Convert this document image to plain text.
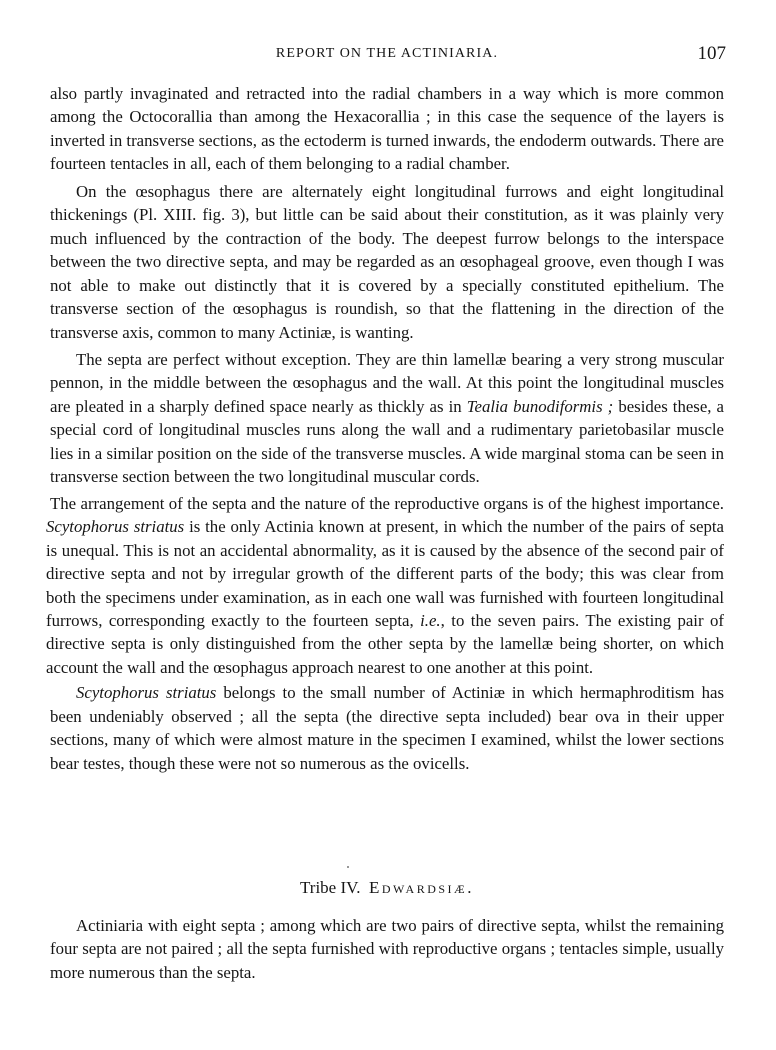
REPORT ON THE ACTINIARIA.	107

also partly invaginated and retracted into the radial chambers in a way which is more common among the Octocorallia than among the Hexacorallia ; in this case the sequence of the layers is inverted in transverse sections, as the ectoderm is turned inwards, the endoderm outwards. There are fourteen tentacles in all, each of them belonging to a radial chamber.

On the œsophagus there are alternately eight longitudinal furrows and eight longitudinal thickenings (Pl. XIII. fig. 3), but little can be said about their constitution, as it was plainly very much influenced by the contraction of the body. The deepest furrow belongs to the interspace between the two directive septa, and may be regarded as an œsophageal groove, even though I was not able to make out distinctly that it is covered by a specially constituted epithelium. The transverse section of the œsophagus is roundish, so that the flattening in the direction of the transverse axis, common to many Actiniæ, is wanting.

The septa are perfect without exception. They are thin lamellæ bearing a very strong muscular pennon, in the middle between the œsophagus and the wall. At this point the longitudinal muscles are pleated in a sharply defined space nearly as thickly as in Tealia bunodiformis ; besides these, a special cord of longitudinal muscles runs along the wall and a rudimentary parietobasilar muscle lies in a similar position on the side of the transverse muscles. A wide marginal stoma can be seen in transverse section between the two longitudinal muscular cords.

The arrangement of the septa and the nature of the reproductive organs is of the highest importance. Scytophorus striatus is the only Actinia known at present, in which the number of the pairs of septa is unequal. This is not an accidental abnormality, as it is caused by the absence of the second pair of directive septa and not by irregular growth of the different parts of the body; this was clear from both the specimens under examination, as in each one wall was furnished with fourteen longitudinal furrows, corresponding exactly to the fourteen septa, i.e., to the seven pairs. The existing pair of directive septa is only distinguished from the other septa by the lamellæ being shorter, on which account the wall and the œsophagus approach nearest to one another at this point.

Scytophorus striatus belongs to the small number of Actiniæ in which hermaphroditism has been undeniably observed ; all the septa (the directive septa included) bear ova in their upper sections, many of which were almost mature in the specimen I examined, whilst the lower sections bear testes, though these were not so numerous as the ovicells.

Tribe IV. Edwardsiæ.

Actiniaria with eight septa ; among which are two pairs of directive septa, whilst the remaining four septa are not paired ; all the septa furnished with reproductive organs ; tentacles simple, usually more numerous than the septa.
